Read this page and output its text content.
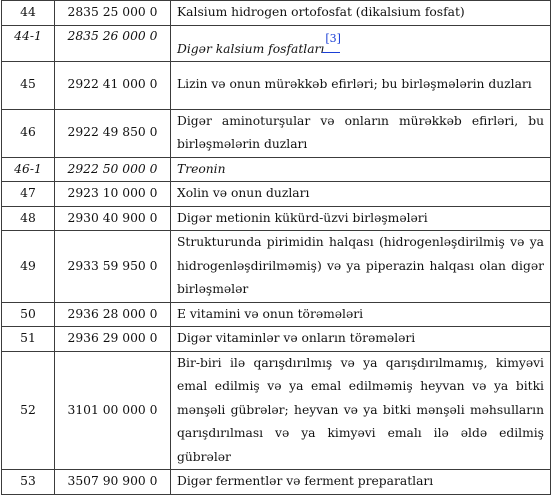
44	2835 25 000 0	Kalsium hidrogen ortofosfat (dikalsium fosfat)
44-1	2835 26 000 0	Digər kalsium fosfatları[3]

45	2922 41 000 0	Lizin və onun mürəkkəb efirləri; bu birləşmələrin duzları
46	2922 49 850 0	Digər aminoturşular və onların mürəkkəb efirləri, bu birləşmələrin duzları
46-1	2922 50 000 0	Treonin
47	2923 10 000 0	Xolin və onun duzları
48	2930 40 900 0	Digər metionin kükürd-üzvi birləşmələri
49	2933 59 950 0	Strukturunda pirimidin halqası (hidrogenləşdirilmiş və ya hidrogenləşdirilməmiş) və ya piperazin halqası olan digər birləşmələr
50	2936 28 000 0	E vitamini və onun törəmələri
51	2936 29 000 0	Digər vitaminlər və onların törəmələri
52	3101 00 000 0	Bir-biri ilə qarışdırılmış və ya qarışdırılmamış, kimyəvi emal edilmiş və ya emal edilməmiş heyvan və ya bitki mənşəli gübrələr; heyvan və ya bitki mənşəli məhsulların qarışdırılması və ya kimyəvi emalı ilə əldə edilmiş gübrələr
53	3507 90 900 0	Digər fermentlər və ferment preparatları
